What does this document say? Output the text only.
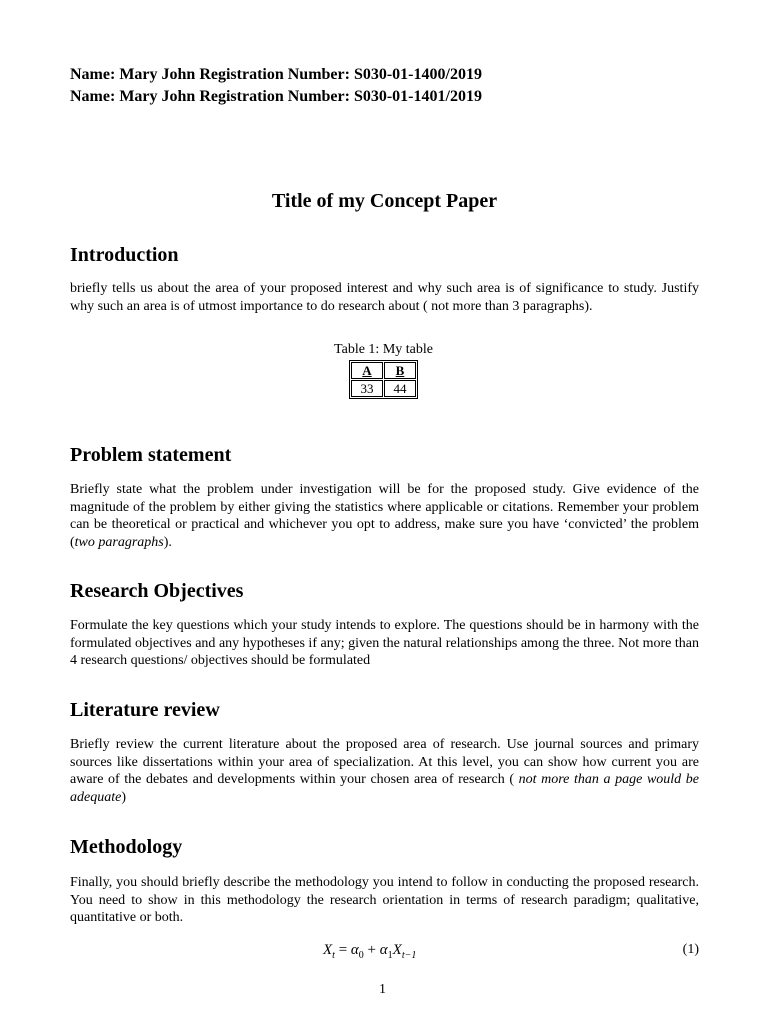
Name: Mary John Registration Number: S030-01-1400/2019
Name: Mary John Registration Number: S030-01-1401/2019
Title of my Concept Paper
Introduction

briefly tells us about the area of your proposed interest and why such area is of significance to study. Justify why such an area is of utmost importance to do research about ( not more than 3 paragraphs).

Table 1: My table
A	B
33	44
Problem statement

Briefly state what the problem under investigation will be for the proposed study. Give evidence of the magnitude of the problem by either giving the statistics where applicable or citations. Remember your problem can be theoretical or practical and whichever you opt to address, make sure you have ‘convicted’ the problem (two paragraphs).

Research Objectives

Formulate the key questions which your study intends to explore. The questions should be in harmony with the formulated objectives and any hypotheses if any; given the natural relationships among the three. Not more than 4 research questions/ objectives should be formulated

Literature review

Briefly review the current literature about the proposed area of research. Use journal sources and primary sources like dissertations within your area of specialization. At this level, you can show how current you are aware of the debates and developments within your chosen area of research ( not more than a page would be adequate)

Methodology

Finally, you should briefly describe the methodology you intend to follow in conducting the proposed research. You need to show in this methodology the research orientation in terms of research paradigm; qualitative, quantitative or both.

$X_t = \alpha_0 + \alpha_1X_{t-1}$	(1)
1
